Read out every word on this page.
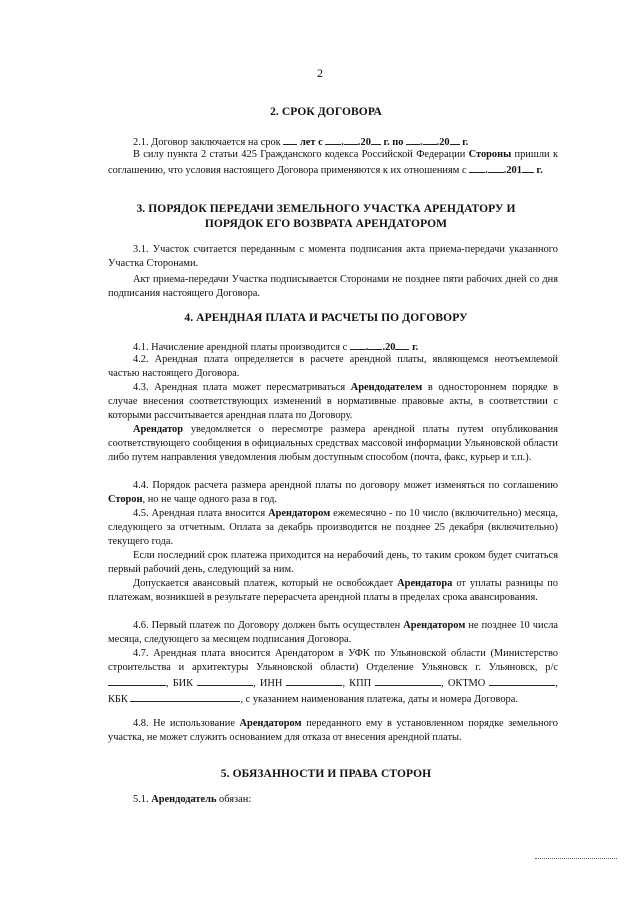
2
2. СРОК ДОГОВОРА
2.1. Договор заключается на срок  лет с . .20 г. по . .20 г.
В силу пункта 2 статьи 425 Гражданского кодекса Российской Федерации Стороны пришли к соглашению, что условия настоящего Договора применяются к их отношениям с . .201 г.
3. ПОРЯДОК ПЕРЕДАЧИ ЗЕМЕЛЬНОГО УЧАСТКА АРЕНДАТОРУ И
ПОРЯДОК ЕГО ВОЗВРАТА АРЕНДАТОРОМ
3.1. Участок считается переданным с момента подписания акта приема-передачи указанного Участка Сторонами.
Акт приема-передачи Участка подписывается Сторонами не позднее пяти рабочих дней со дня подписания настоящего Договора.
4. АРЕНДНАЯ ПЛАТА И РАСЧЕТЫ ПО ДОГОВОРУ
4.1. Начисление арендной платы производится с . .20 г.
4.2. Арендная плата определяется в расчете арендной платы, являющемся неотъемлемой частью настоящего Договора.
4.3. Арендная плата может пересматриваться Арендодателем в одностороннем порядке в случае внесения соответствующих изменений в нормативные правовые акты, в соответствии с которыми рассчитывается арендная плата по Договору.
Арендатор уведомляется о пересмотре размера арендной платы путем опубликования соответствующего сообщения в официальных средствах массовой информации Ульяновской области либо путем направления уведомления любым доступным способом (почта, факс, курьер и т.п.).
4.4. Порядок расчета размера арендной платы по договору может изменяться по соглашению Сторон, но не чаще одного раза в год.
4.5. Арендная плата вносится Арендатором ежемесячно - по 10 число (включительно) месяца, следующего за отчетным. Оплата за декабрь производится не позднее 25 декабря (включительно) текущего года.
Если последний срок платежа приходится на нерабочий день, то таким сроком будет считаться первый рабочий день, следующий за ним.
Допускается авансовый платеж, который не освобождает Арендатора от уплаты разницы по платежам, возникшей в результате перерасчета арендной платы в пределах срока авансирования.
4.6. Первый платеж по Договору должен быть осуществлен Арендатором не позднее 10 числа месяца, следующего за месяцем подписания Договора.
4.7. Арендная плата вносится Арендатором в УФК по Ульяновской области (Министерство строительства и архитектуры Ульяновской области) Отделение Ульяновск г. Ульяновск, р/с , БИК	, ИНН	, КПП	, ОКТМО	, КБК	, с указанием наименования платежа, даты и номера Договора.
4.8. Не использование Арендатором переданного ему в установленном порядке земельного участка, не может служить основанием для отказа от внесения арендной платы.
5. ОБЯЗАННОСТИ И ПРАВА СТОРОН
5.1. Арендодатель обязан:
